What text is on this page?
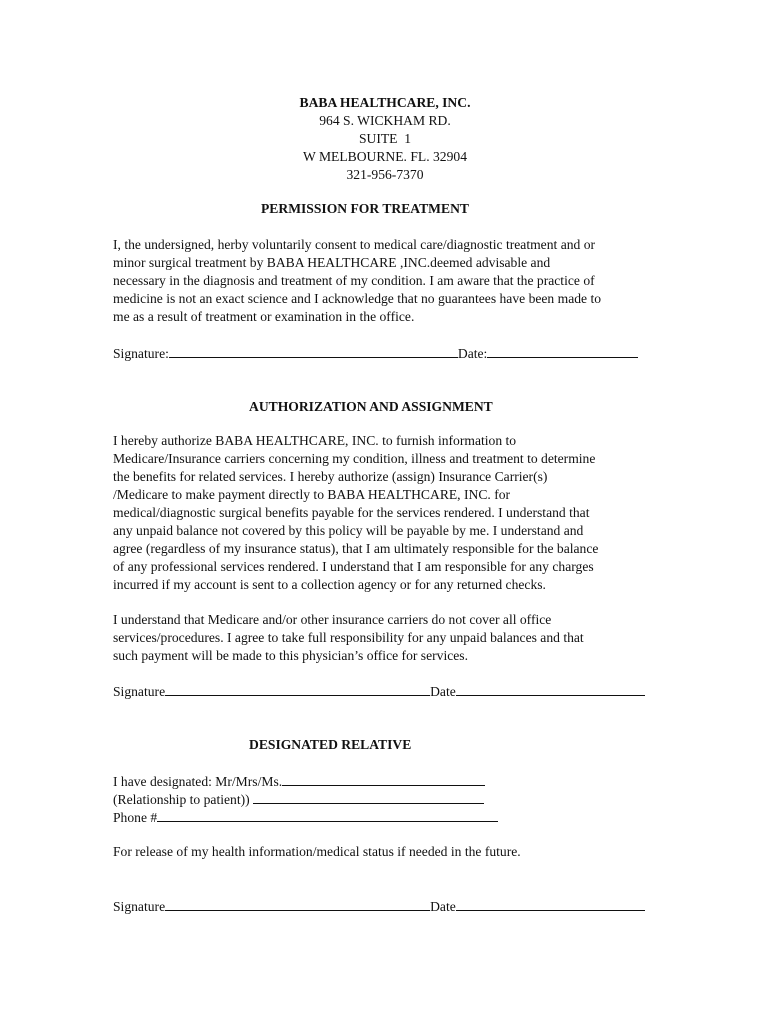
BABA HEALTHCARE, INC.
964 S. WICKHAM RD.
SUITE  1
W MELBOURNE. FL. 32904
321-956-7370
PERMISSION FOR TREATMENT
I, the undersigned, herby voluntarily consent to medical care/diagnostic treatment and or
minor surgical treatment by BABA HEALTHCARE ,INC.deemed advisable and
necessary in the diagnosis and treatment of my condition. I am aware that the practice of
medicine is not an exact science and I acknowledge that no guarantees have been made to
me as a result of treatment or examination in the office.
Signature:	Date:
AUTHORIZATION AND ASSIGNMENT
I hereby authorize BABA HEALTHCARE, INC. to furnish information to
Medicare/Insurance carriers concerning my condition, illness and treatment to determine
the benefits for related services. I hereby authorize (assign) Insurance Carrier(s)
/Medicare to make payment directly to BABA HEALTHCARE, INC. for
medical/diagnostic surgical benefits payable for the services rendered. I understand that
any unpaid balance not covered by this policy will be payable by me. I understand and
agree (regardless of my insurance status), that I am ultimately responsible for the balance
of any professional services rendered. I understand that I am responsible for any charges
incurred if my account is sent to a collection agency or for any returned checks.
I understand that Medicare and/or other insurance carriers do not cover all office
services/procedures. I agree to take full responsibility for any unpaid balances and that
such payment will be made to this physician’s office for services.
Signature	Date
DESIGNATED RELATIVE
I have designated: Mr/Mrs/Ms.
(Relationship to patient))
Phone #
For release of my health information/medical status if needed in the future.
Signature	Date
